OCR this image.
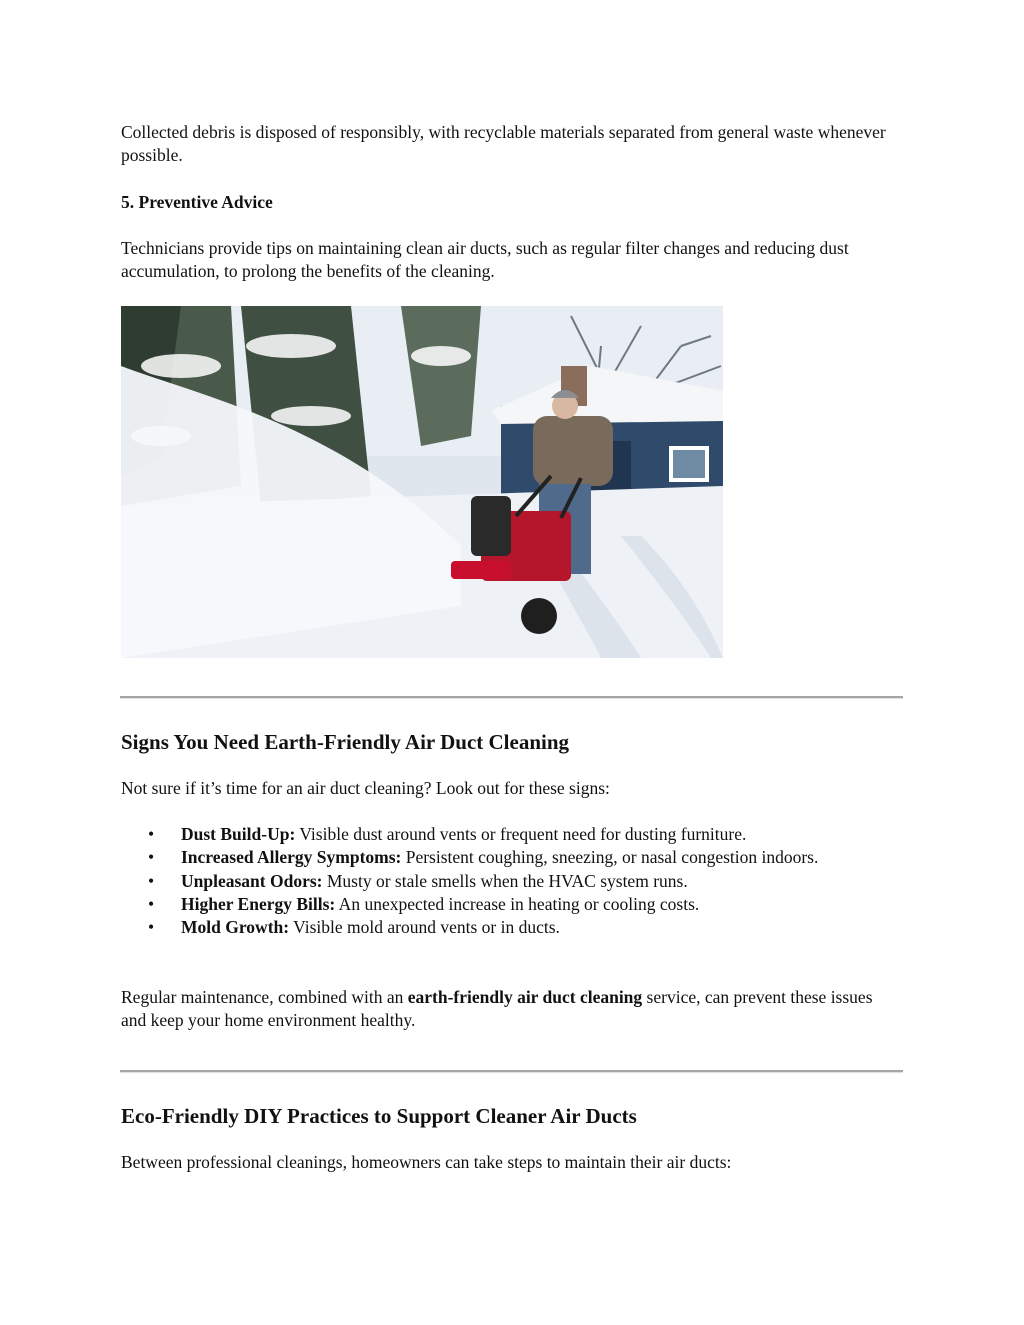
Collected debris is disposed of responsibly, with recyclable materials separated from general waste whenever possible.

5. Preventive Advice

Technicians provide tips on maintaining clean air ducts, such as regular filter changes and reducing dust accumulation, to prolong the benefits of the cleaning.

Signs You Need Earth-Friendly Air Duct Cleaning

Not sure if it’s time for an air duct cleaning? Look out for these signs:

• Dust Build-Up: Visible dust around vents or frequent need for dusting furniture.
• Increased Allergy Symptoms: Persistent coughing, sneezing, or nasal congestion indoors.
• Unpleasant Odors: Musty or stale smells when the HVAC system runs.
• Higher Energy Bills: An unexpected increase in heating or cooling costs.
• Mold Growth: Visible mold around vents or in ducts.

Regular maintenance, combined with an earth-friendly air duct cleaning service, can prevent these issues and keep your home environment healthy.

Eco-Friendly DIY Practices to Support Cleaner Air Ducts

Between professional cleanings, homeowners can take steps to maintain their air ducts:
